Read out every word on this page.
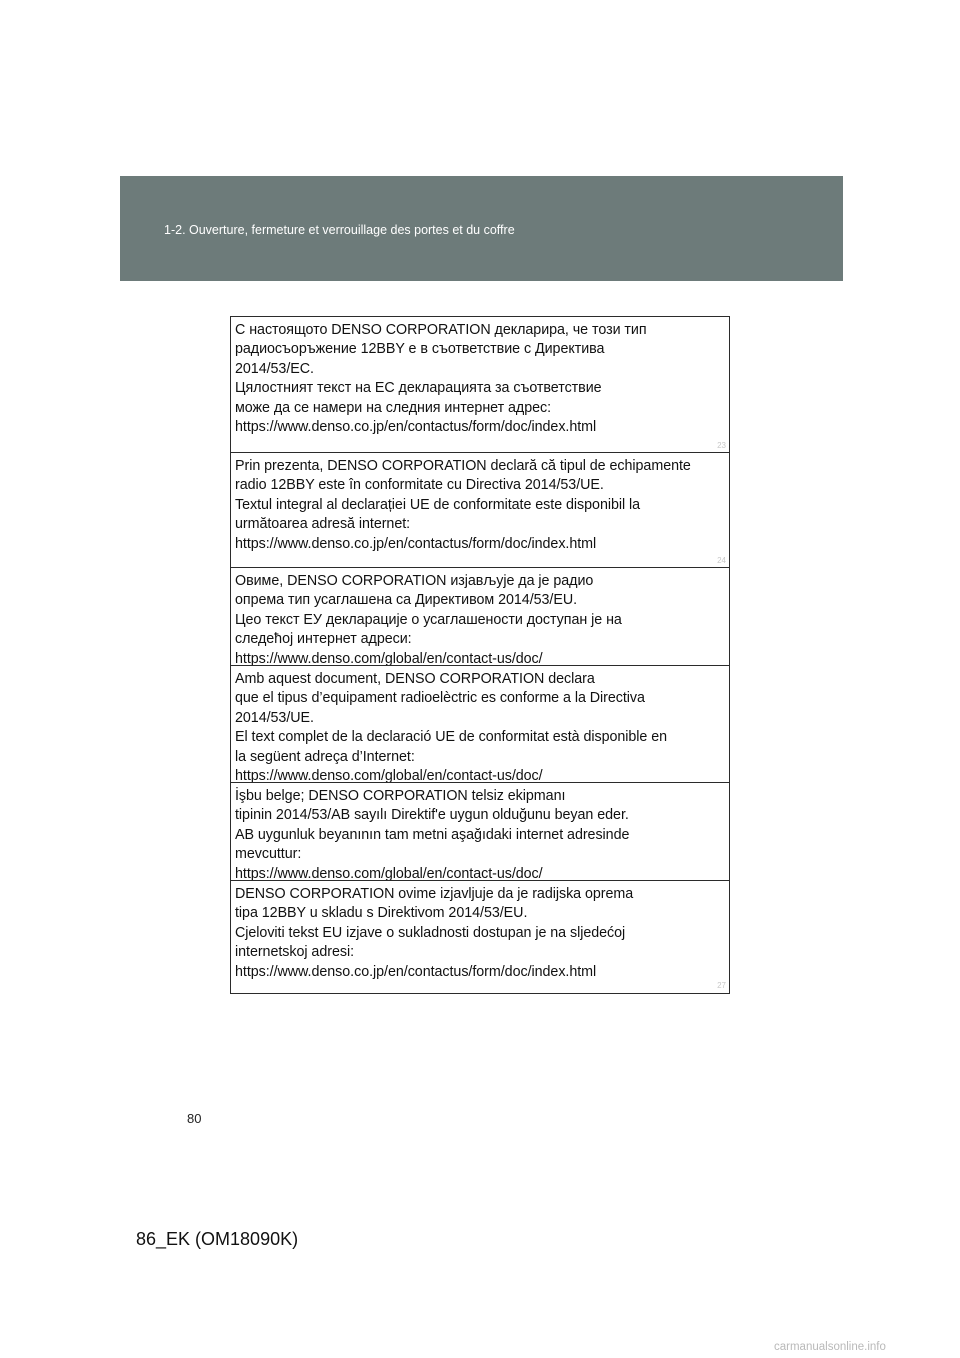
1-2. Ouverture, fermeture et verrouillage des portes et du coffre
С настоящото DENSO CORPORATION декларира, че този тип
радиосъоръжение 12BBY е в съответствие с Директива
2014/53/ЕС.
Цялостният текст на ЕС декларацията за съответствие
може да се намери на следния интернет адрес:
https://www.denso.co.jp/en/contactus/form/doc/index.html
23
Prin prezenta, DENSO CORPORATION declară că tipul de echipamente
radio 12BBY este în conformitate cu Directiva 2014/53/UE.
Textul integral al declarației UE de conformitate este disponibil la
următoarea adresă internet:
https://www.denso.co.jp/en/contactus/form/doc/index.html
24
Овиме, DENSO CORPORATION изјављује да је радио
опрема тип усаглашена са Директивом 2014/53/EU.
Цео текст ЕУ декларације о усаглашености доступан је на
следећој интернет адреси:
https://www.denso.com/global/en/contact-us/doc/
Amb aquest document, DENSO CORPORATION declara
que el tipus d’equipament radioelèctric es conforme a la Directiva
2014/53/UE.
El text complet de la declaració UE de conformitat està disponible en
la següent adreça d’Internet:
https://www.denso.com/global/en/contact-us/doc/
İşbu belge; DENSO CORPORATION telsiz ekipmanı
tipinin 2014/53/AB sayılı Direktif'e uygun olduğunu beyan eder.
AB uygunluk beyanının tam metni aşağıdaki internet adresinde
mevcuttur:
https://www.denso.com/global/en/contact-us/doc/
DENSO CORPORATION ovime izjavljuje da je radijska oprema
tipa 12BBY u skladu s Direktivom 2014/53/EU.
Cjeloviti tekst EU izjave o sukladnosti dostupan je na sljedećoj
internetskoj adresi:
https://www.denso.co.jp/en/contactus/form/doc/index.html
27
80
86_EK (OM18090K)
carmanualsonline.info
